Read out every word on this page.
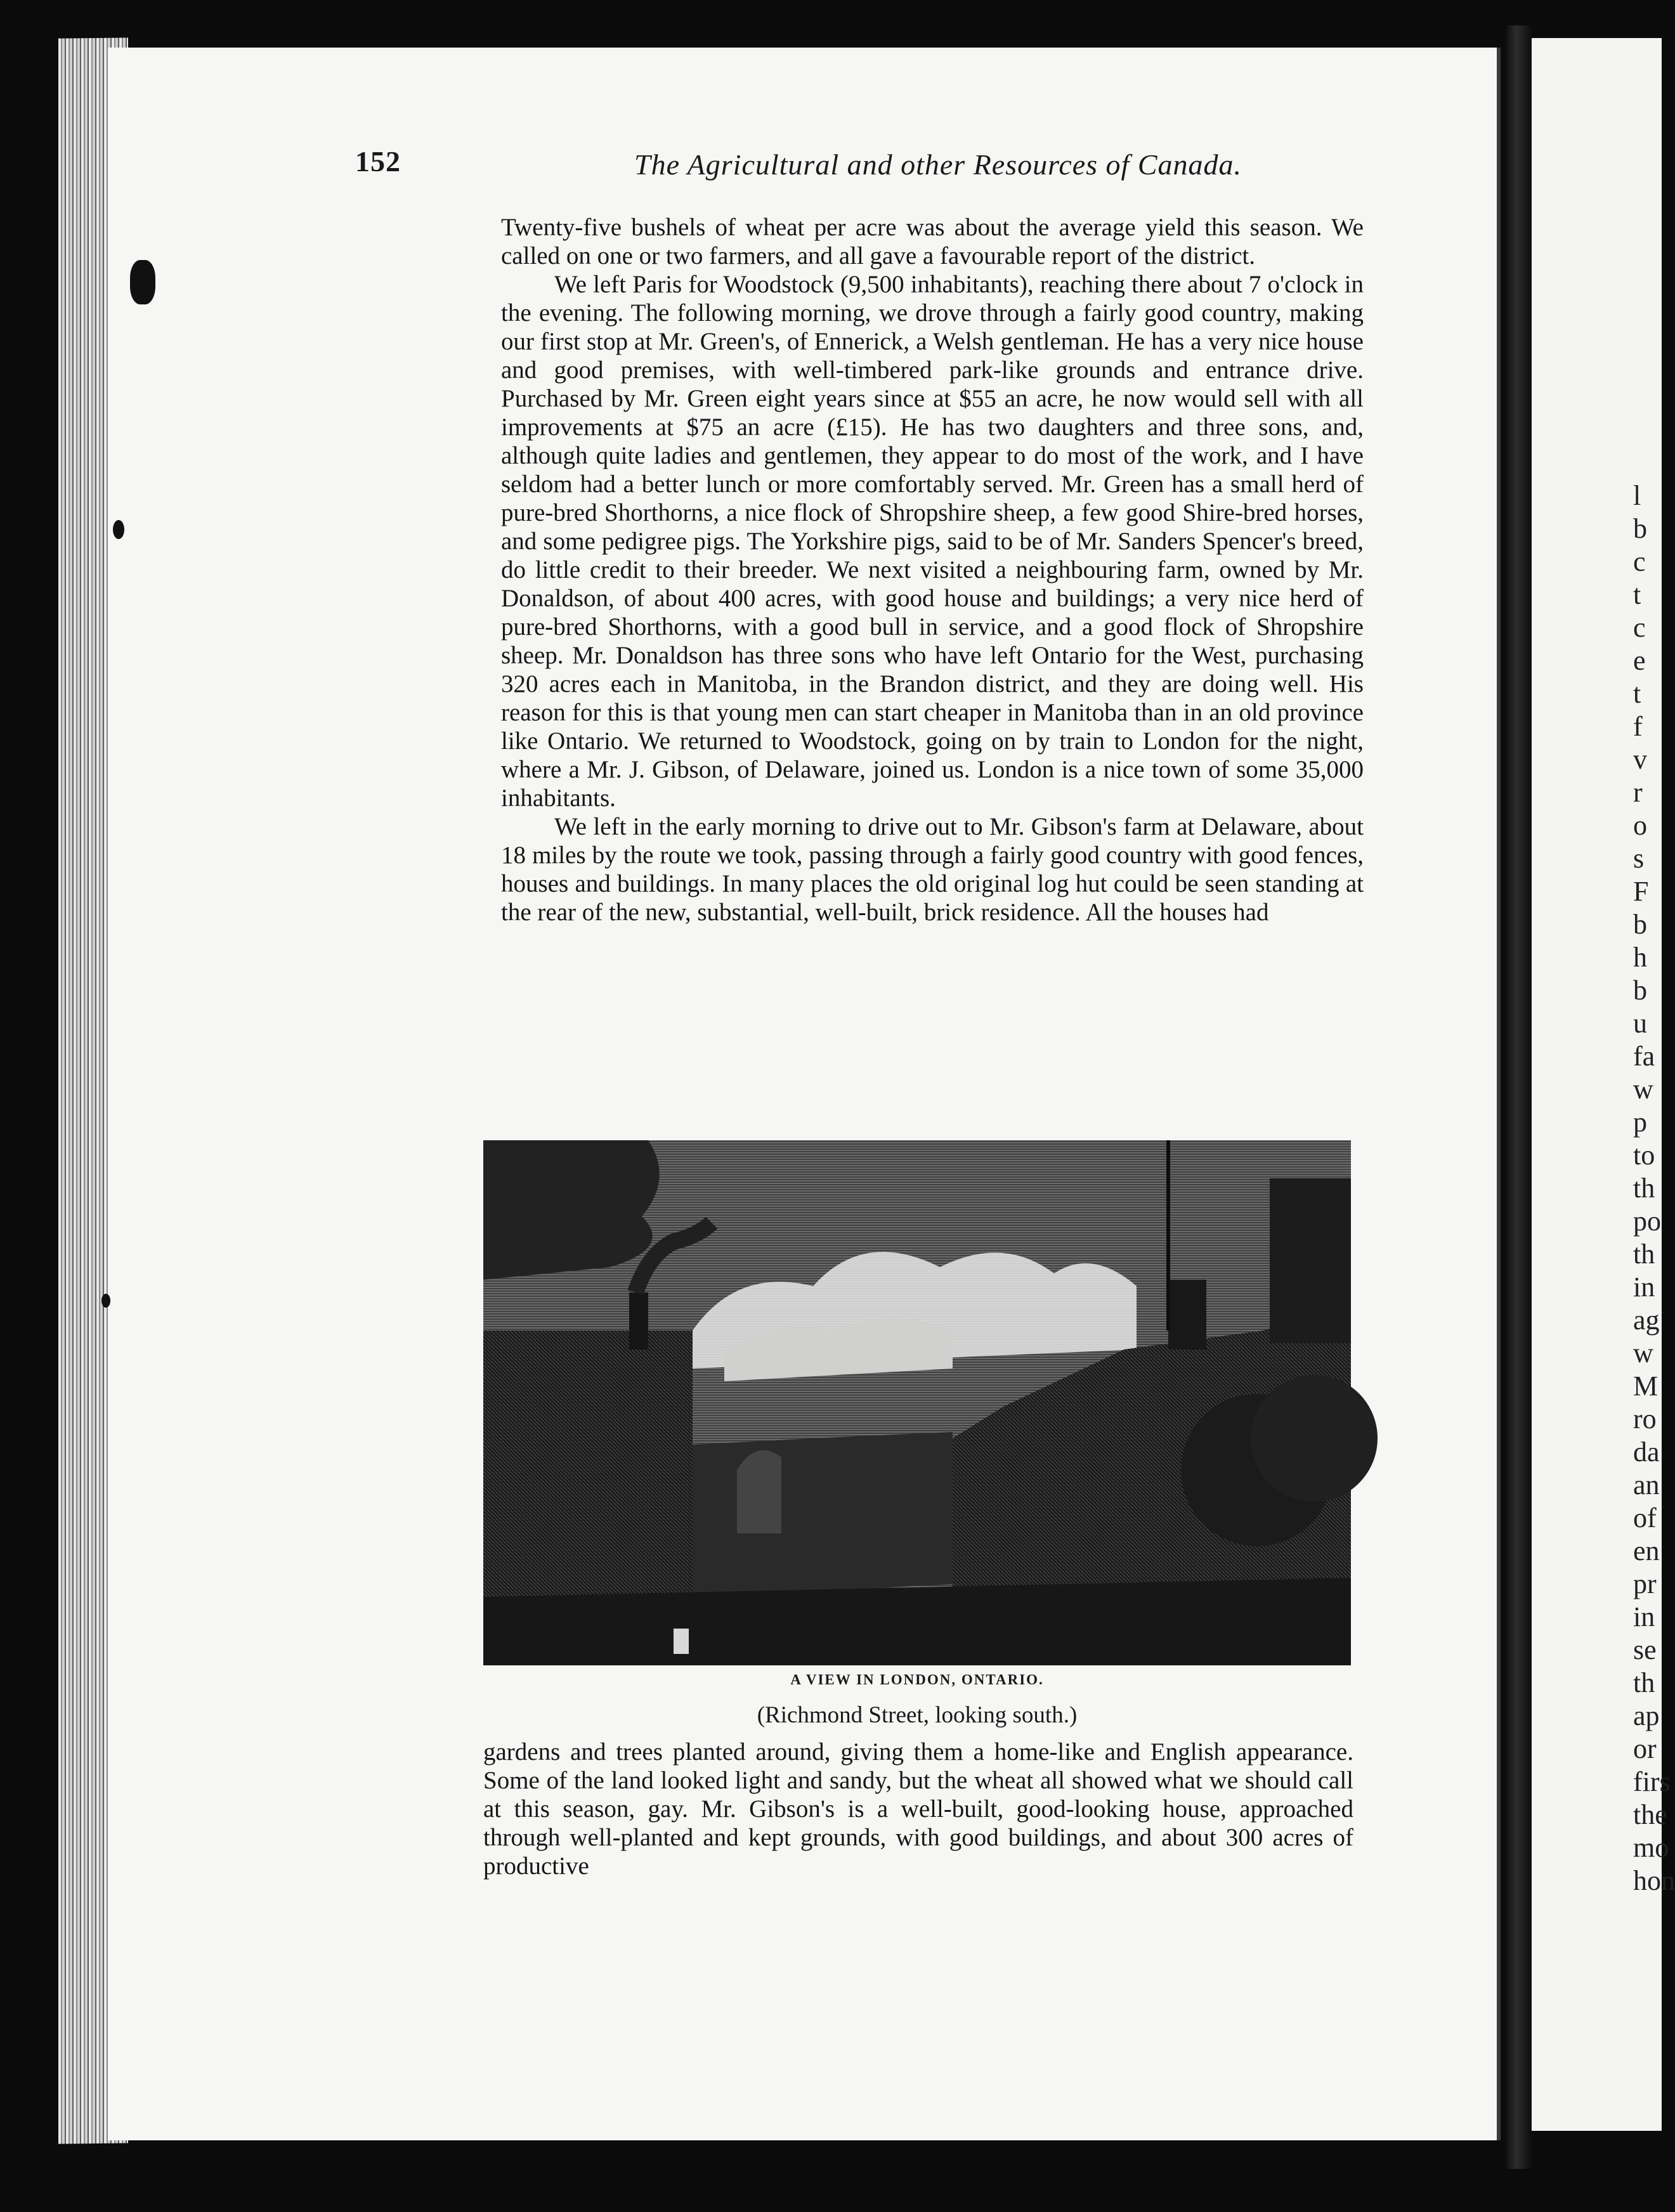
152	The Agricultural and other Resources of Canada.

Twenty-five bushels of wheat per acre was about the average yield this season. We called on one or two farmers, and all gave a favourable report of the district.

We left Paris for Woodstock (9,500 inhabitants), reaching there about 7 o'clock in the evening. The following morning, we drove through a fairly good country, making our first stop at Mr. Green's, of Ennerick, a Welsh gentleman. He has a very nice house and good premises, with well-timbered park-like grounds and entrance drive. Purchased by Mr. Green eight years since at $55 an acre, he now would sell with all improvements at $75 an acre (£15). He has two daughters and three sons, and, although quite ladies and gentlemen, they appear to do most of the work, and I have seldom had a better lunch or more comfortably served. Mr. Green has a small herd of pure-bred Shorthorns, a nice flock of Shropshire sheep, a few good Shire-bred horses, and some pedigree pigs. The Yorkshire pigs, said to be of Mr. Sanders Spencer's breed, do little credit to their breeder. We next visited a neighbouring farm, owned by Mr. Donaldson, of about 400 acres, with good house and buildings; a very nice herd of pure-bred Shorthorns, with a good bull in service, and a good flock of Shropshire sheep. Mr. Donaldson has three sons who have left Ontario for the West, purchasing 320 acres each in Manitoba, in the Brandon district, and they are doing well. His reason for this is that young men can start cheaper in Manitoba than in an old province like Ontario. We returned to Woodstock, going on by train to London for the night, where a Mr. J. Gibson, of Delaware, joined us. London is a nice town of some 35,000 inhabitants.

We left in the early morning to drive out to Mr. Gibson's farm at Delaware, about 18 miles by the route we took, passing through a fairly good country with good fences, houses and buildings. In many places the old original log hut could be seen standing at the rear of the new, substantial, well-built, brick residence. All the houses had

A VIEW IN LONDON, ONTARIO.
(Richmond Street, looking south.)

gardens and trees planted around, giving them a home-like and English appearance. Some of the land looked light and sandy, but the wheat all showed what we should call at this season, gay. Mr. Gibson's is a well-built, good-looking house, approached through well-planted and kept grounds, with good buildings, and about 300 acres of productive

l
b
c
t
c
e
t
f
v
r
o
s
F
b
h
b
u
fa
w
p
to
th
po
th
in
ag
w
M
ro
da
an
of
en
pr
in
se
th
ap
or
firs
the
mo
hon
